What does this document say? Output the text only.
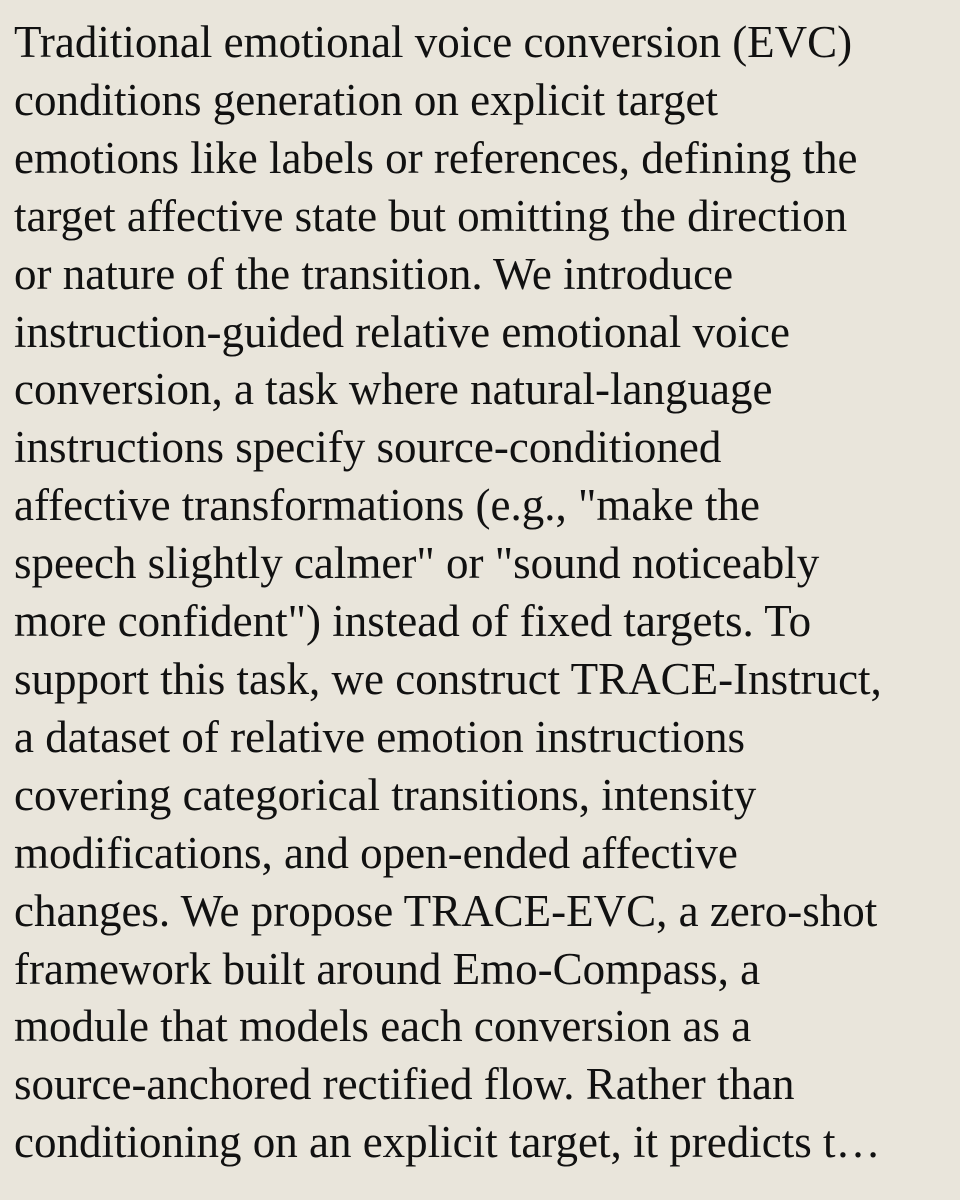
Traditional emotional voice conversion (EVC)
conditions generation on explicit target
emotions like labels or references, defining the
target affective state but omitting the direction
or nature of the transition. We introduce
instruction-guided relative emotional voice
conversion, a task where natural-language
instructions specify source-conditioned
affective transformations (e.g., "make the
speech slightly calmer" or "sound noticeably
more confident") instead of fixed targets. To
support this task, we construct TRACE-Instruct,
a dataset of relative emotion instructions
covering categorical transitions, intensity
modifications, and open-ended affective
changes. We propose TRACE-EVC, a zero-shot
framework built around Emo-Compass, a
module that models each conversion as a
source-anchored rectified flow. Rather than
conditioning on an explicit target, it predicts t…
